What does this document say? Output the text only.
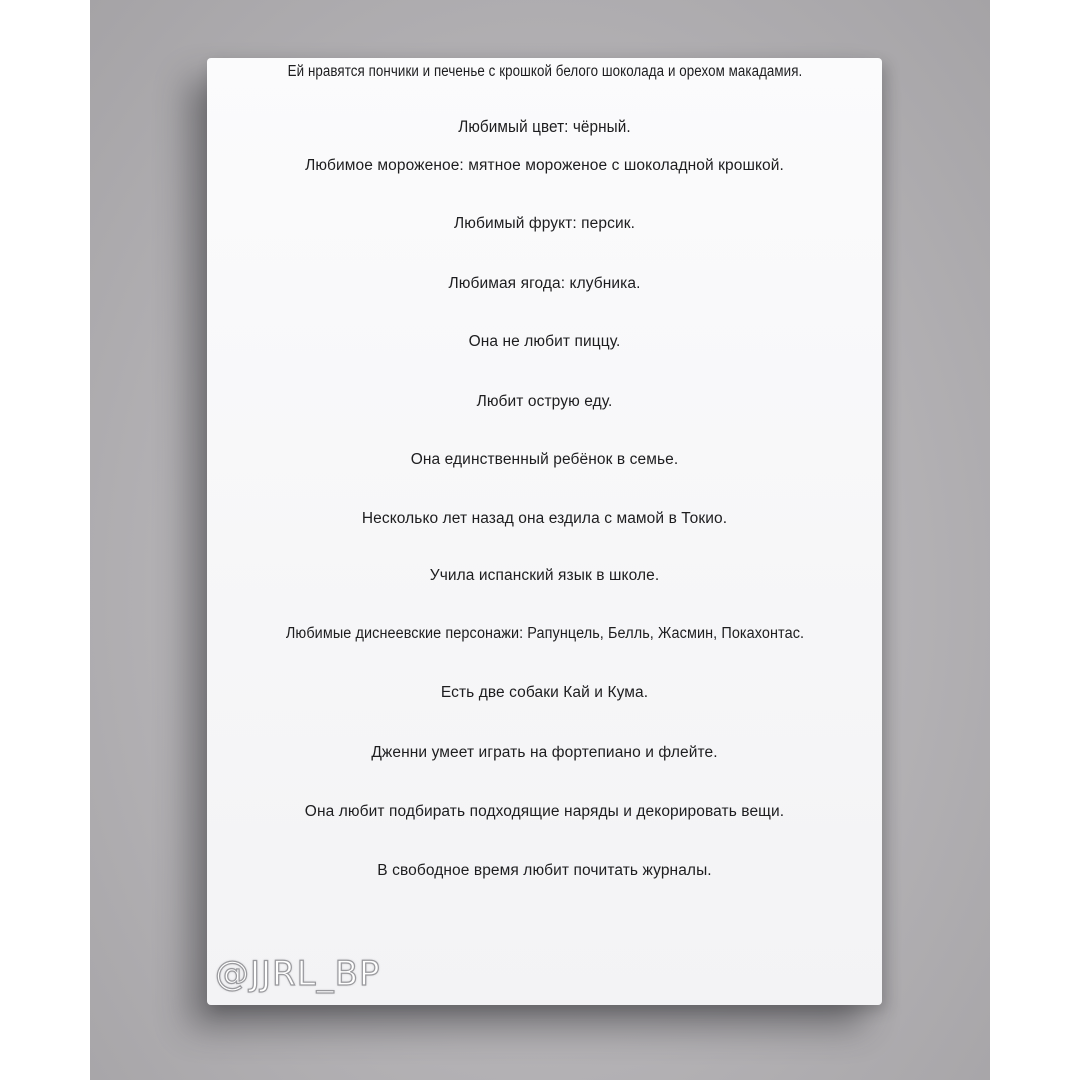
Ей нравятся пончики и печенье с крошкой белого шоколада и орехом макадамия.
Любимый цвет: чёрный.
Любимое мороженое: мятное мороженое с шоколадной крошкой.
Любимый фрукт: персик.
Любимая ягода: клубника.
Она не любит пиццу.
Любит острую еду.
Она единственный ребёнок в семье.
Несколько лет назад она ездила с мамой в Токио.
Учила испанский язык в школе.
Любимые диснеевские персонажи: Рапунцель, Белль, Жасмин, Покахонтас.
Есть две собаки Кай и Кума.
Дженни умеет играть на фортепиано и флейте.
Она любит подбирать подходящие наряды и декорировать вещи.
В свободное время любит почитать журналы.
@JJRL_BP
